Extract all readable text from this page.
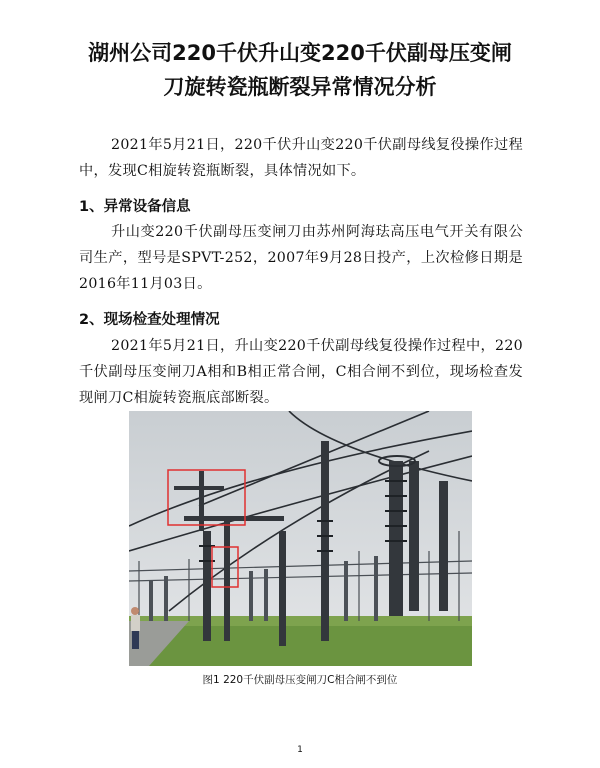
湖州公司220千伏升山变220千伏副母压变闸
刀旋转瓷瓶断裂异常情况分析
2021年5月21日，220千伏升山变220千伏副母线复役操作过程中，发现C相旋转瓷瓶断裂，具体情况如下。
1、异常设备信息
升山变220千伏副母压变闸刀由苏州阿海珐高压电气开关有限公司生产，型号是SPVT-252，2007年9月28日投产，上次检修日期是2016年11月03日。
2、现场检查处理情况
2021年5月21日，升山变220千伏副母线复役操作过程中，220千伏副母压变闸刀A相和B相正常合闸，C相合闸不到位，现场检查发现闸刀C相旋转瓷瓶底部断裂。
图1 220千伏副母压变闸刀C相合闸不到位
1
